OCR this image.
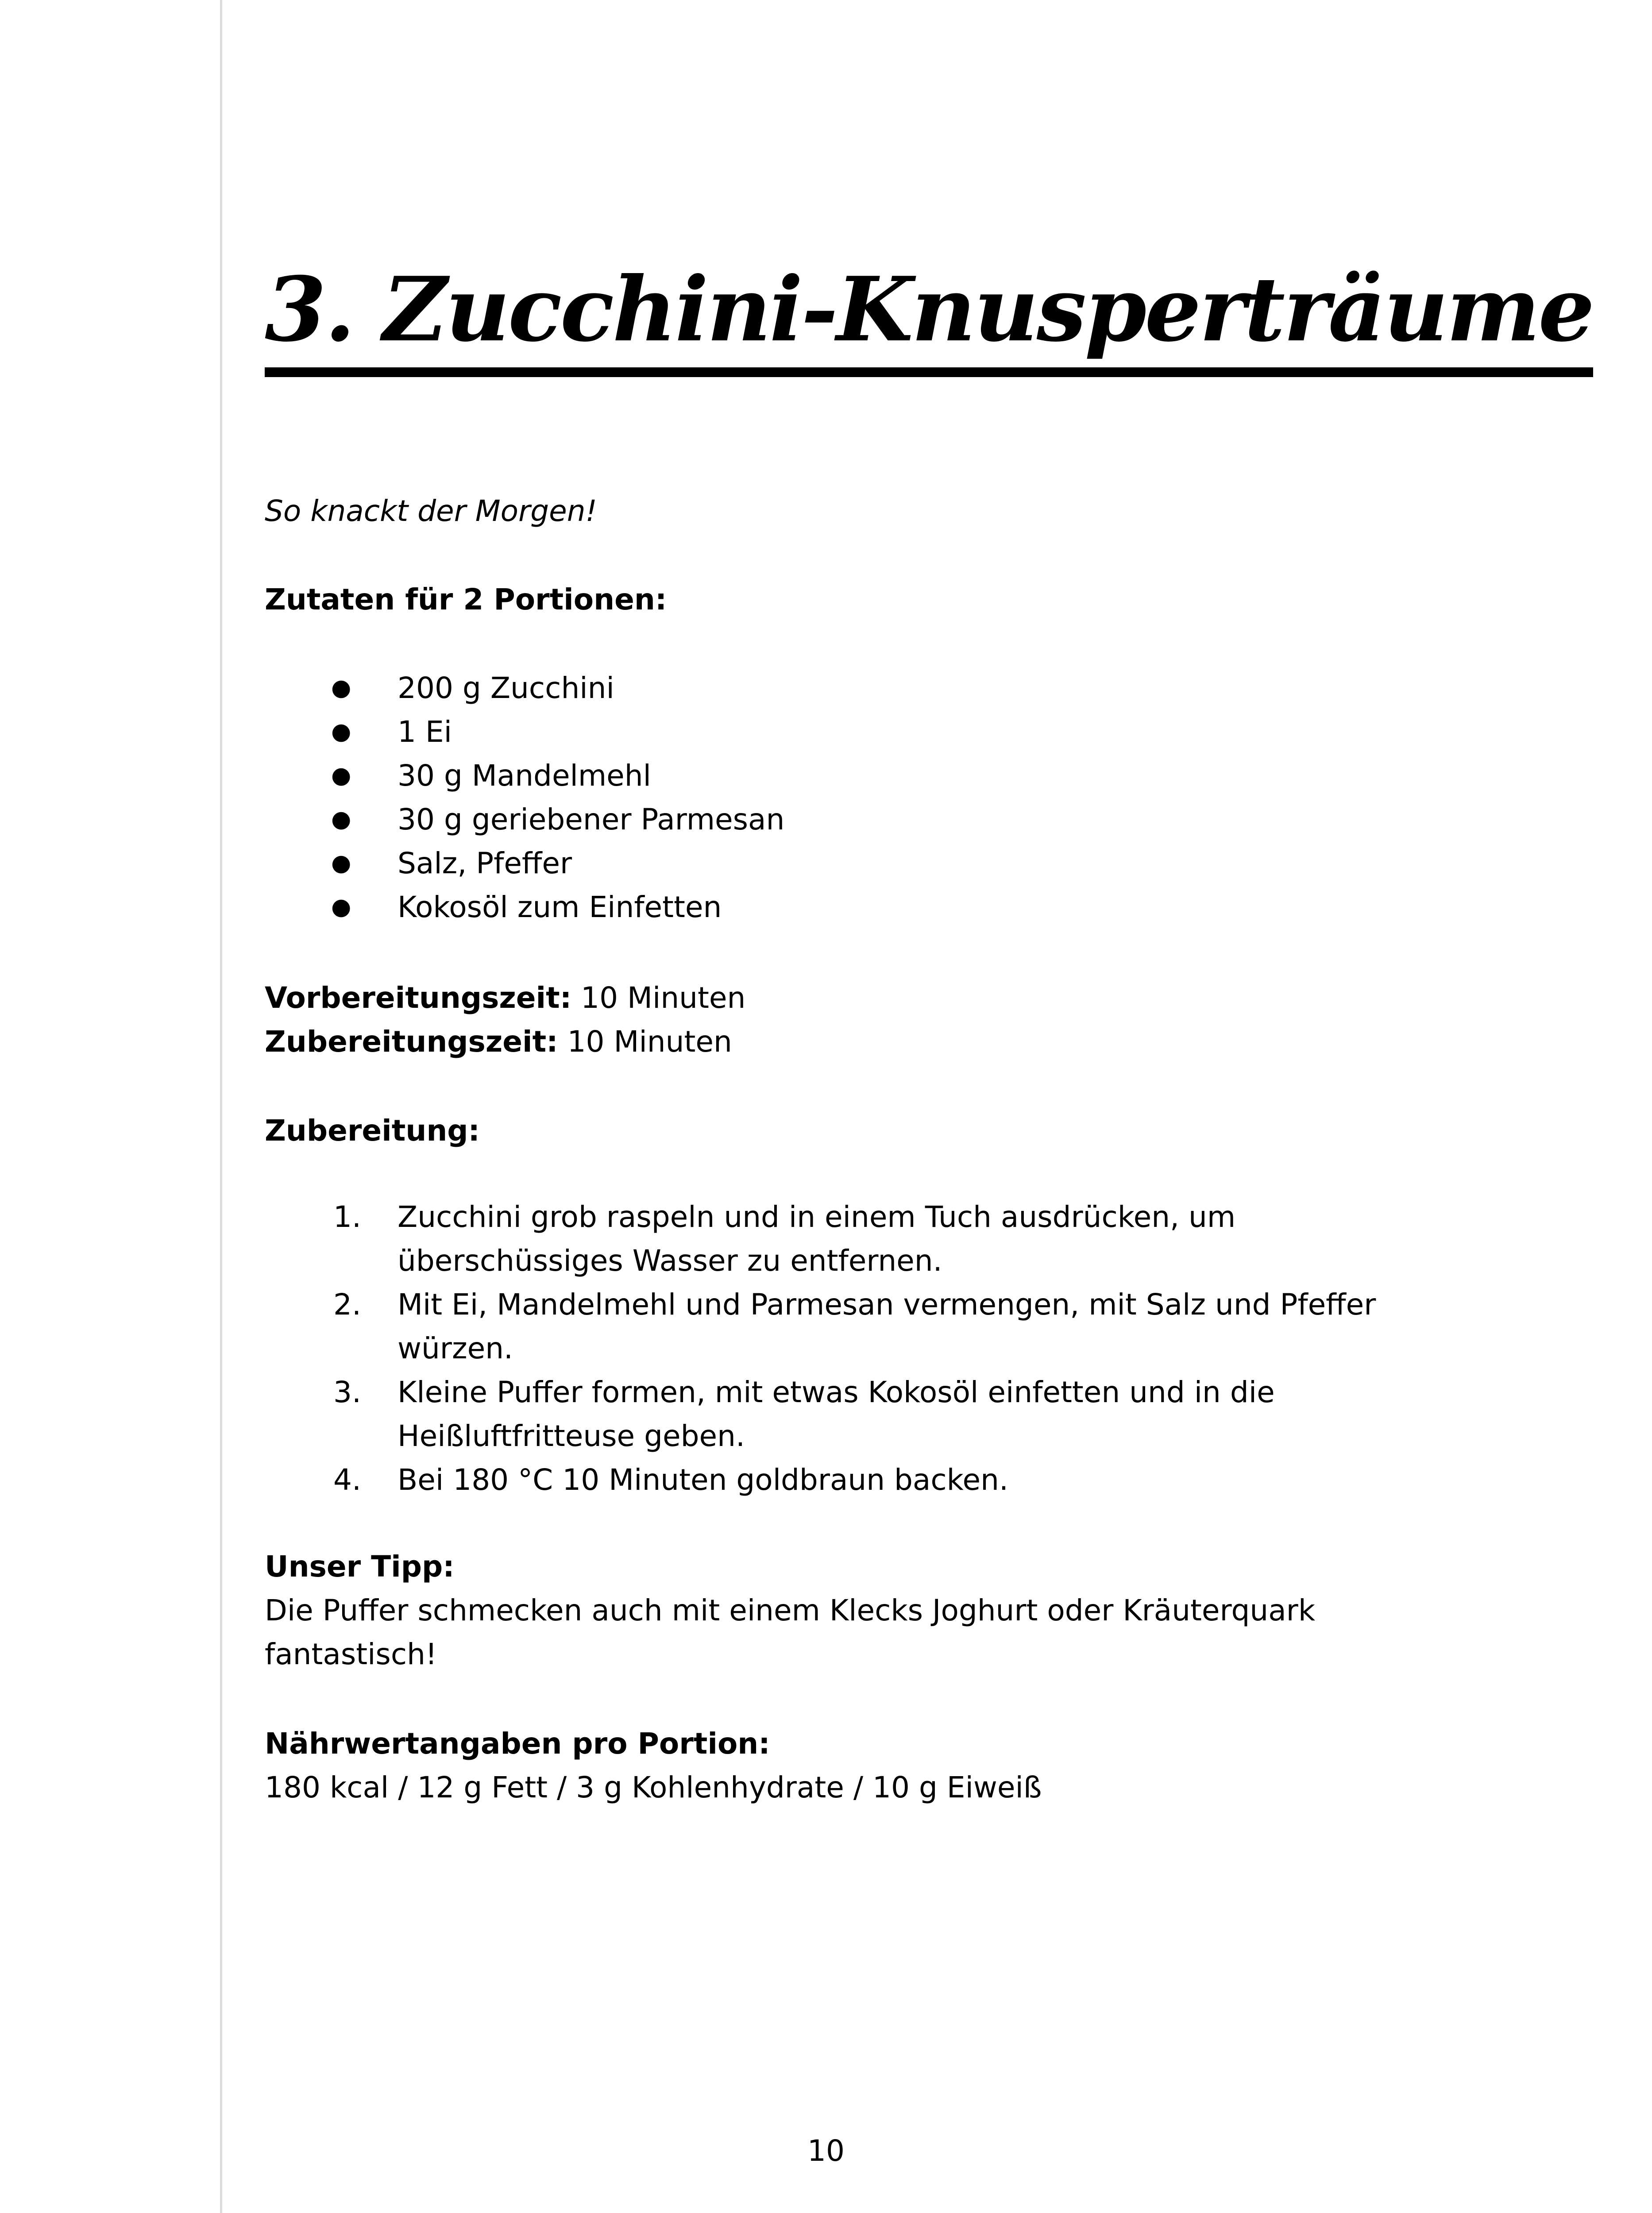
3. Zucchini-Knusperträume

So knackt der Morgen!

Zutaten für 2 Portionen:

● 200 g Zucchini
● 1 Ei
● 30 g Mandelmehl
● 30 g geriebener Parmesan
● Salz, Pfeffer
● Kokosöl zum Einfetten

Vorbereitungszeit: 10 Minuten

Zubereitungszeit: 10 Minuten

Zubereitung:

1. Zucchini grob raspeln und in einem Tuch ausdrücken, um
überschüssiges Wasser zu entfernen.
2. Mit Ei, Mandelmehl und Parmesan vermengen, mit Salz und Pfeffer
würzen.
3. Kleine Puffer formen, mit etwas Kokosöl einfetten und in die
Heißluftfritteuse geben.
4. Bei 180 °C 10 Minuten goldbraun backen.

Unser Tipp:

Die Puffer schmecken auch mit einem Klecks Joghurt oder Kräuterquark

fantastisch!

Nährwertangaben pro Portion:

180 kcal / 12 g Fett / 3 g Kohlenhydrate / 10 g Eiweiß

10
